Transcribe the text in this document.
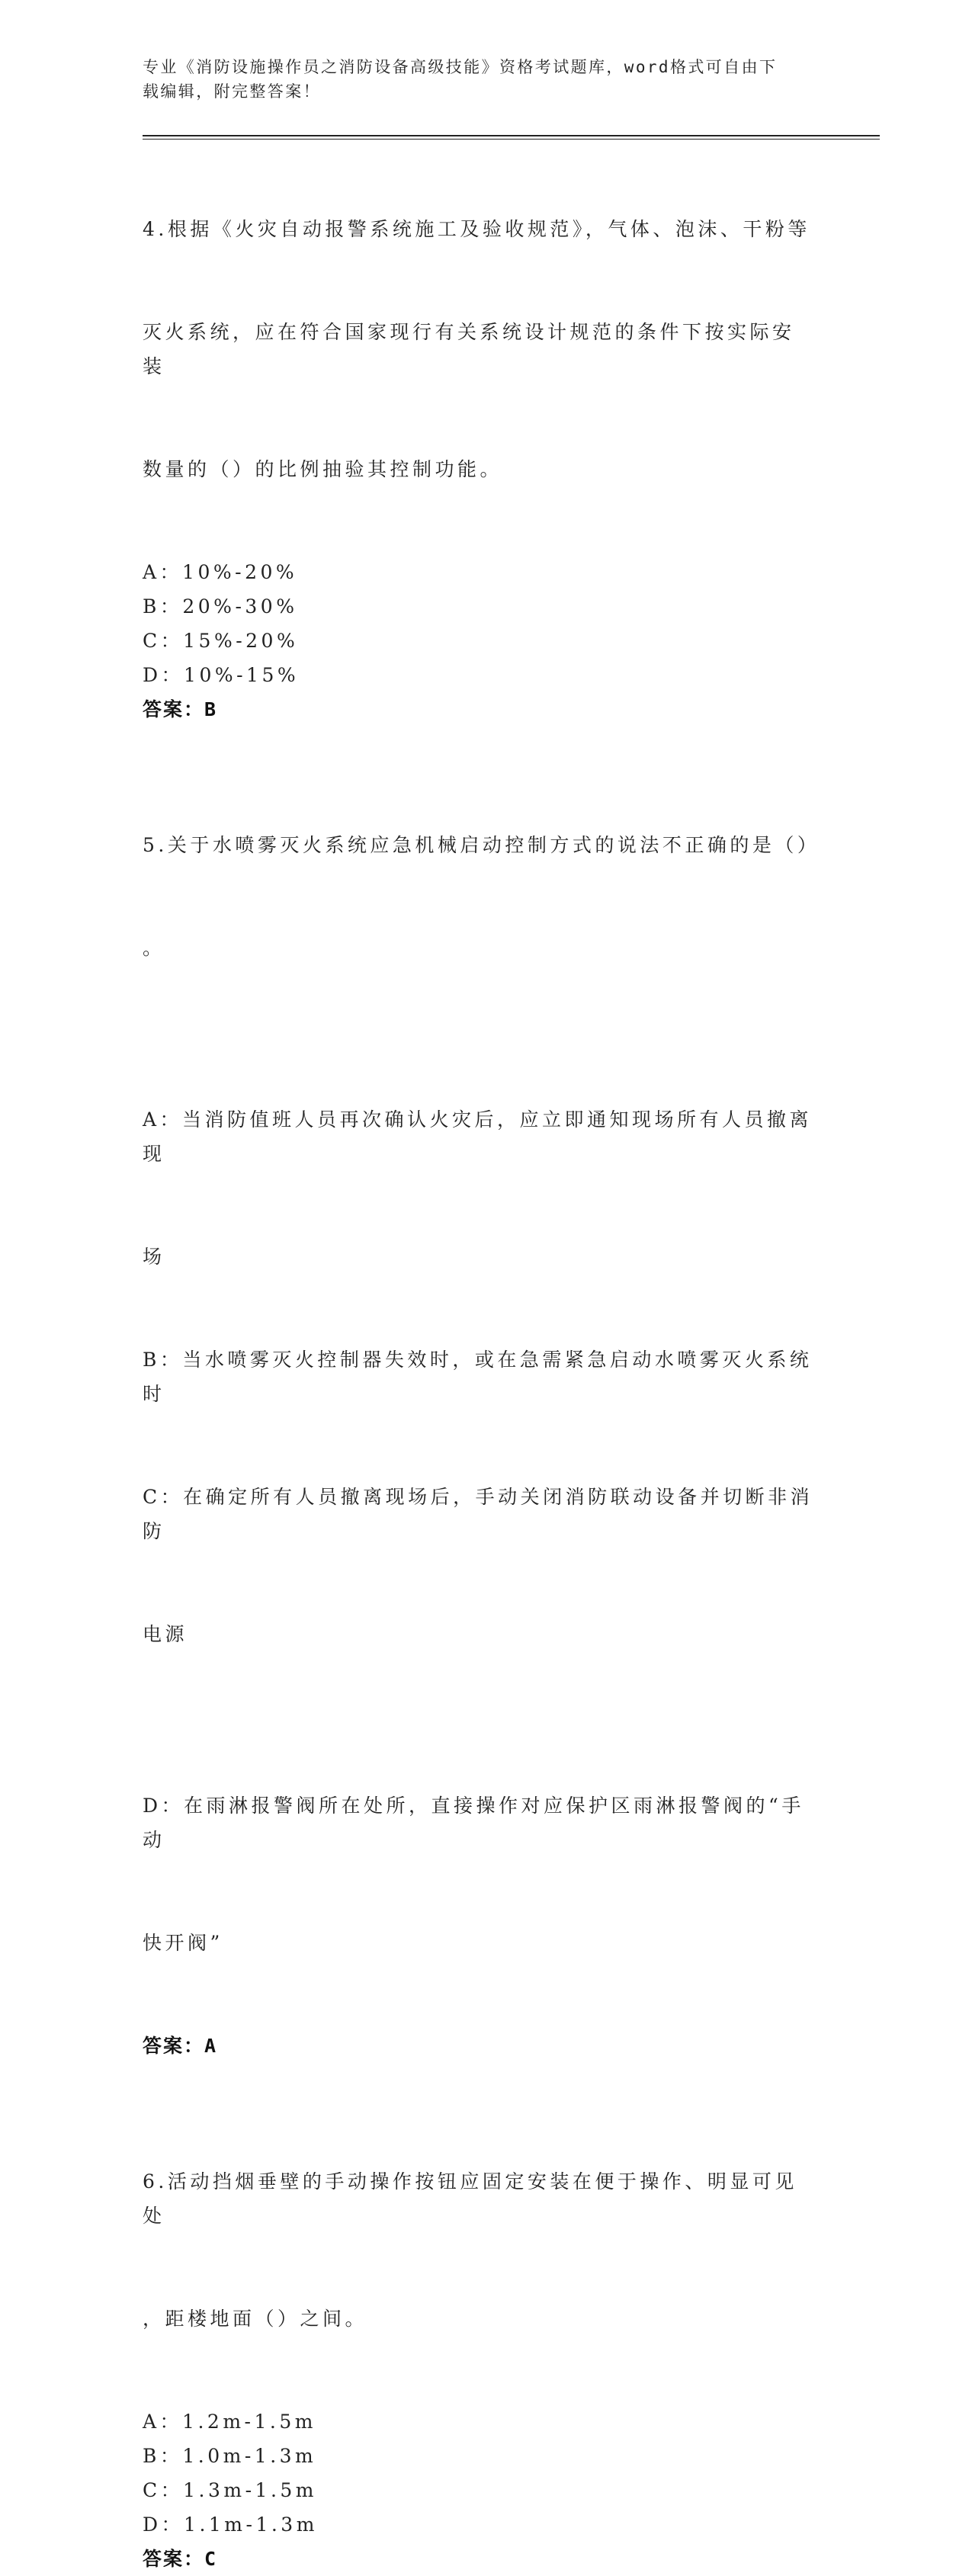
专业《消防设施操作员之消防设备高级技能》资格考试题库，word格式可自由下
载编辑，附完整答案！

4.根据《火灾自动报警系统施工及验收规范》，气体、泡沫、干粉等

灭火系统，应在符合国家现行有关系统设计规范的条件下按实际安装

数量的（）的比例抽验其控制功能。

A：10%-20%
B：20%-30%
C：15%-20%
D：10%-15%
答案：B

5.关于水喷雾灭火系统应急机械启动控制方式的说法不正确的是（）

。

A：当消防值班人员再次确认火灾后，应立即通知现场所有人员撤离现

场

B：当水喷雾灭火控制器失效时，或在急需紧急启动水喷雾灭火系统时

C：在确定所有人员撤离现场后，手动关闭消防联动设备并切断非消防

电源

D：在雨淋报警阀所在处所，直接操作对应保护区雨淋报警阀的“手动

快开阀”

答案：A

6.活动挡烟垂壁的手动操作按钮应固定安装在便于操作、明显可见处

，距楼地面（）之间。

A：1.2m-1.5m
B：1.0m-1.3m
C：1.3m-1.5m
D：1.1m-1.3m
答案：C
